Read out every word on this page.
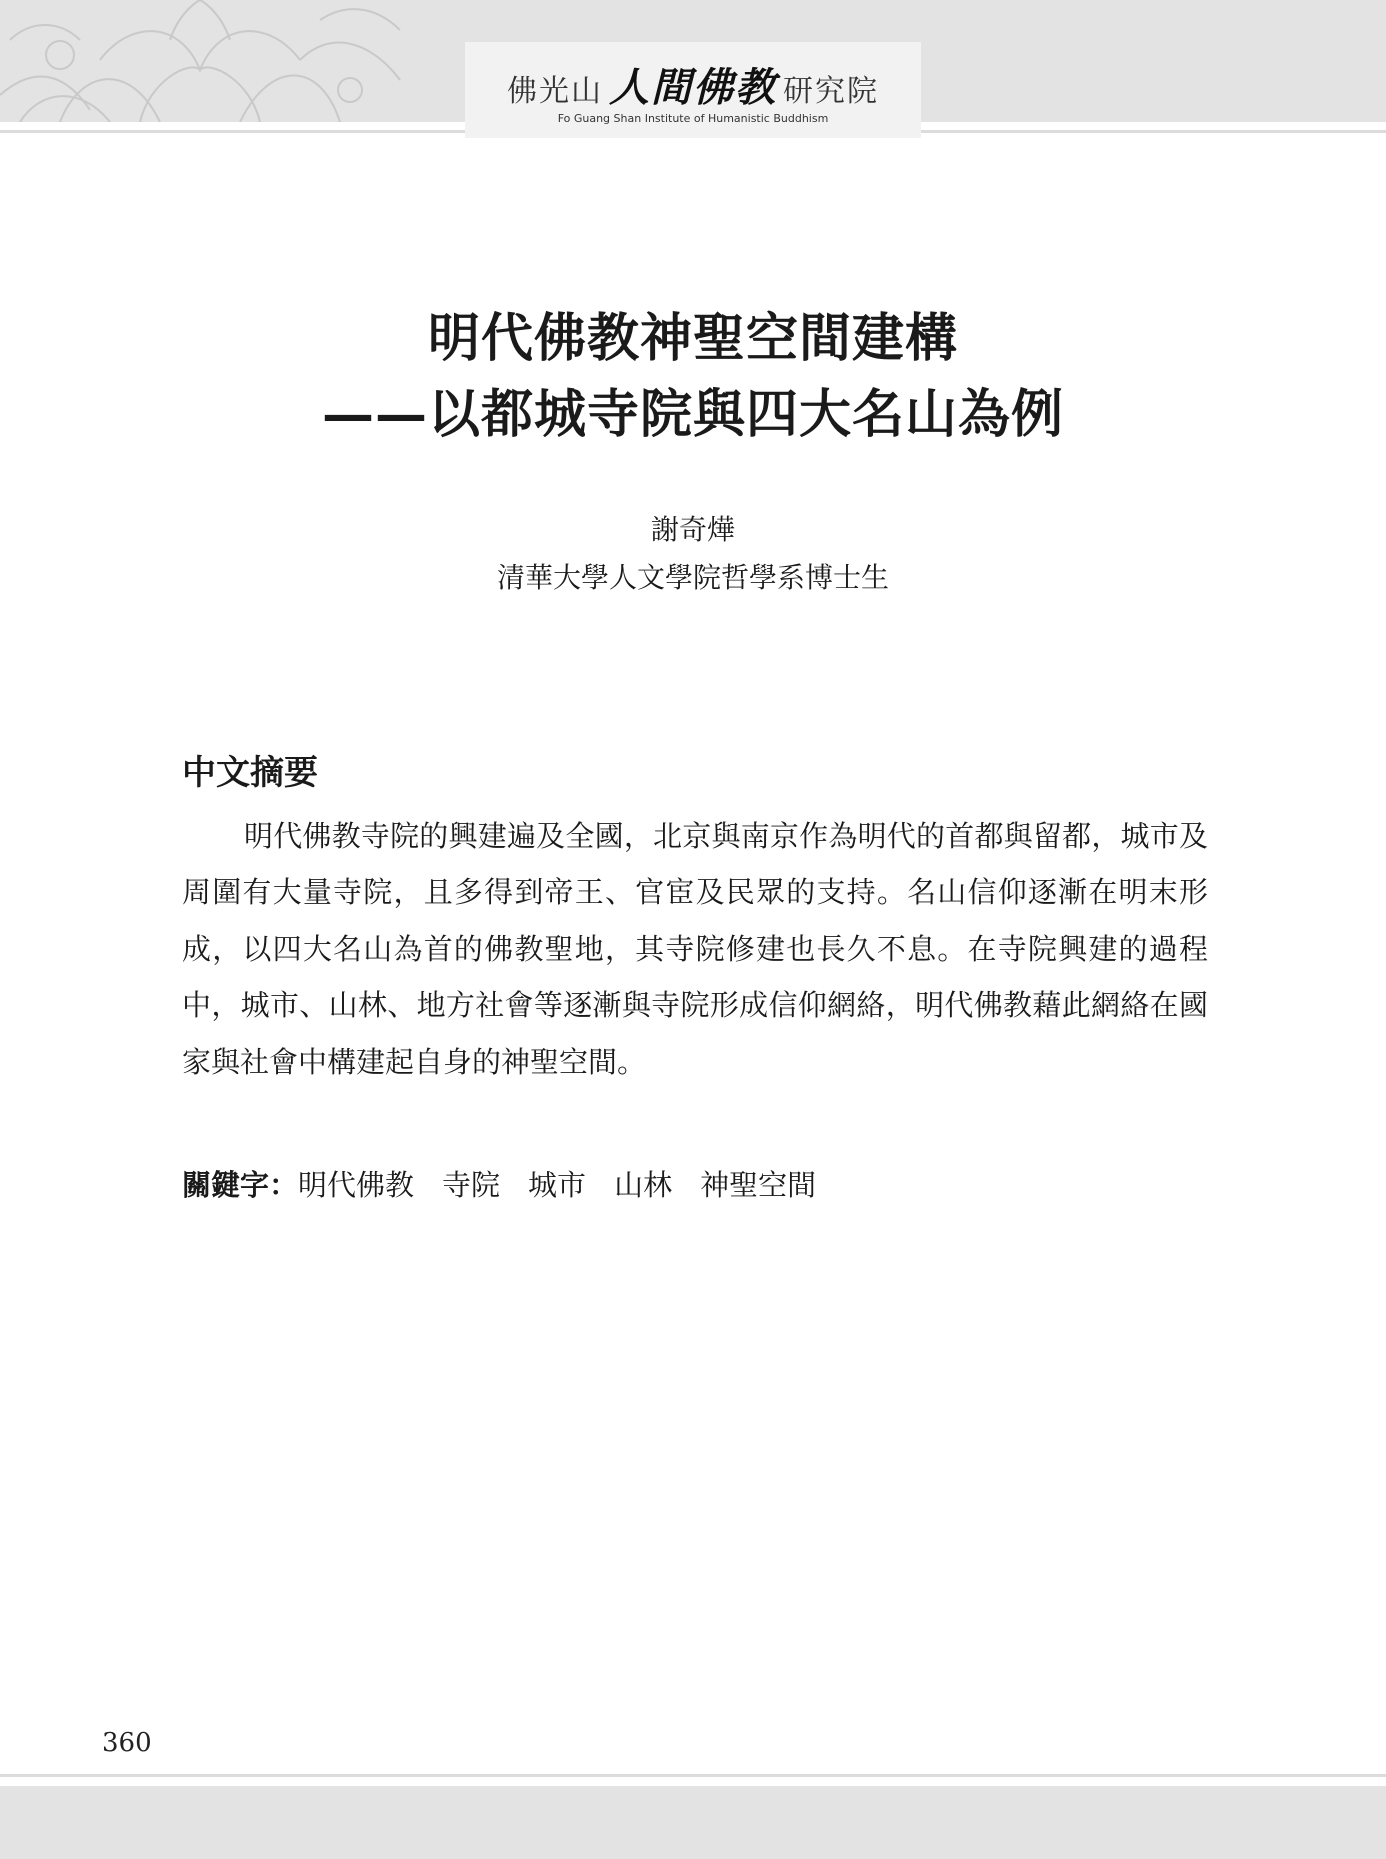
佛光山 人間佛教 研究院
Fo Guang Shan Institute of Humanistic Buddhism
明代佛教神聖空間建構
——以都城寺院與四大名山為例
謝奇燁
清華大學人文學院哲學系博士生
中文摘要

明代佛教寺院的興建遍及全國，北京與南京作為明代的首都與留都，城市及周圍有大量寺院，且多得到帝王、官宦及民眾的支持。名山信仰逐漸在明末形成，以四大名山為首的佛教聖地，其寺院修建也長久不息。在寺院興建的過程中，城市、山林、地方社會等逐漸與寺院形成信仰網絡，明代佛教藉此網絡在國家與社會中構建起自身的神聖空間。

關鍵字：明代佛教 寺院 城市 山林 神聖空間
360
